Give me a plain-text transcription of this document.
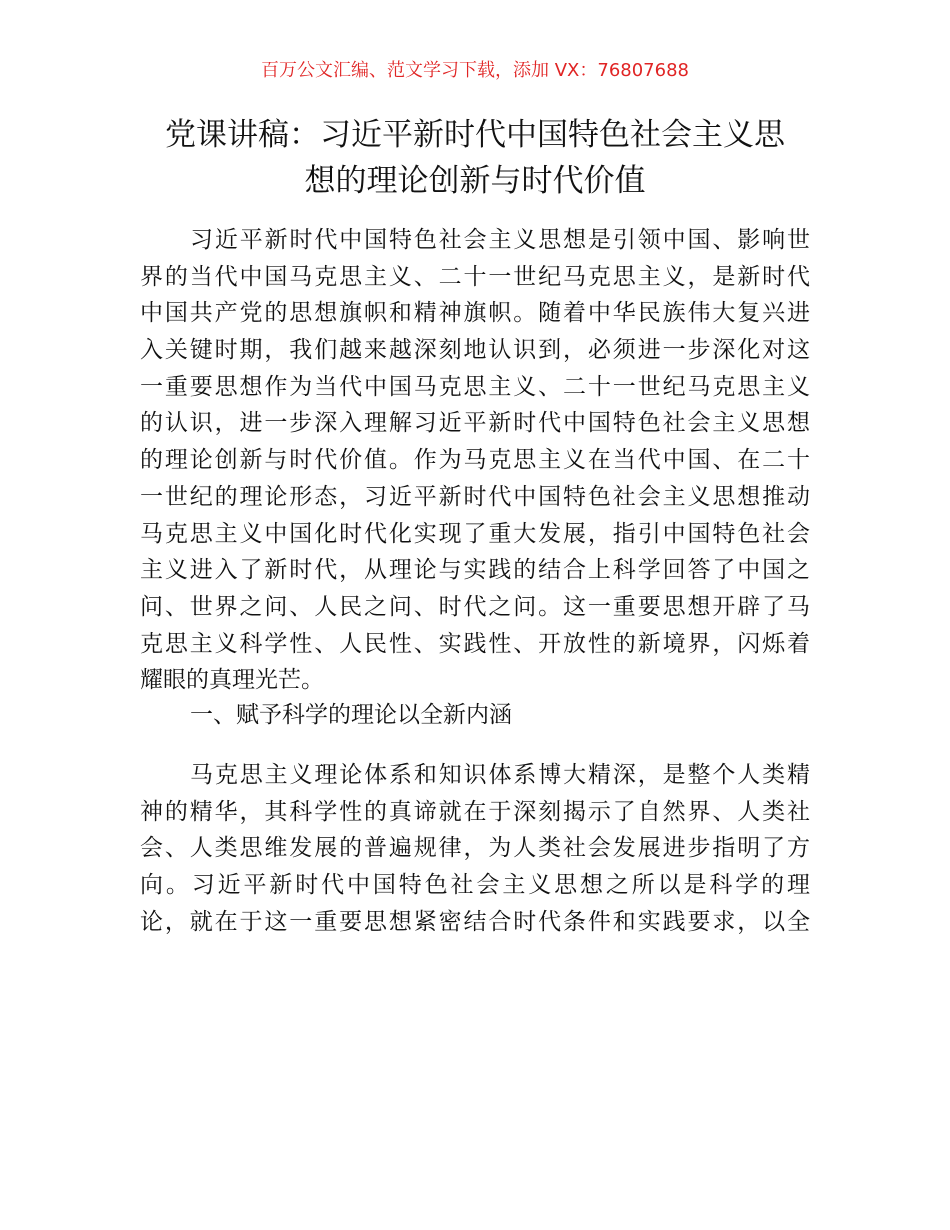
百万公文汇编、范文学习下载，添加 VX：76807688
党课讲稿：习近平新时代中国特色社会主义思
想的理论创新与时代价值
习近平新时代中国特色社会主义思想是引领中国、影响世
界的当代中国马克思主义、二十一世纪马克思主义，是新时代
中国共产党的思想旗帜和精神旗帜。随着中华民族伟大复兴进
入关键时期，我们越来越深刻地认识到，必须进一步深化对这
一重要思想作为当代中国马克思主义、二十一世纪马克思主义
的认识，进一步深入理解习近平新时代中国特色社会主义思想
的理论创新与时代价值。作为马克思主义在当代中国、在二十
一世纪的理论形态，习近平新时代中国特色社会主义思想推动
马克思主义中国化时代化实现了重大发展，指引中国特色社会
主义进入了新时代，从理论与实践的结合上科学回答了中国之
问、世界之问、人民之问、时代之问。这一重要思想开辟了马
克思主义科学性、人民性、实践性、开放性的新境界，闪烁着
耀眼的真理光芒。
一、赋予科学的理论以全新内涵
马克思主义理论体系和知识体系博大精深，是整个人类精
神的精华，其科学性的真谛就在于深刻揭示了自然界、人类社
会、人类思维发展的普遍规律，为人类社会发展进步指明了方
向。习近平新时代中国特色社会主义思想之所以是科学的理
论，就在于这一重要思想紧密结合时代条件和实践要求，以全
